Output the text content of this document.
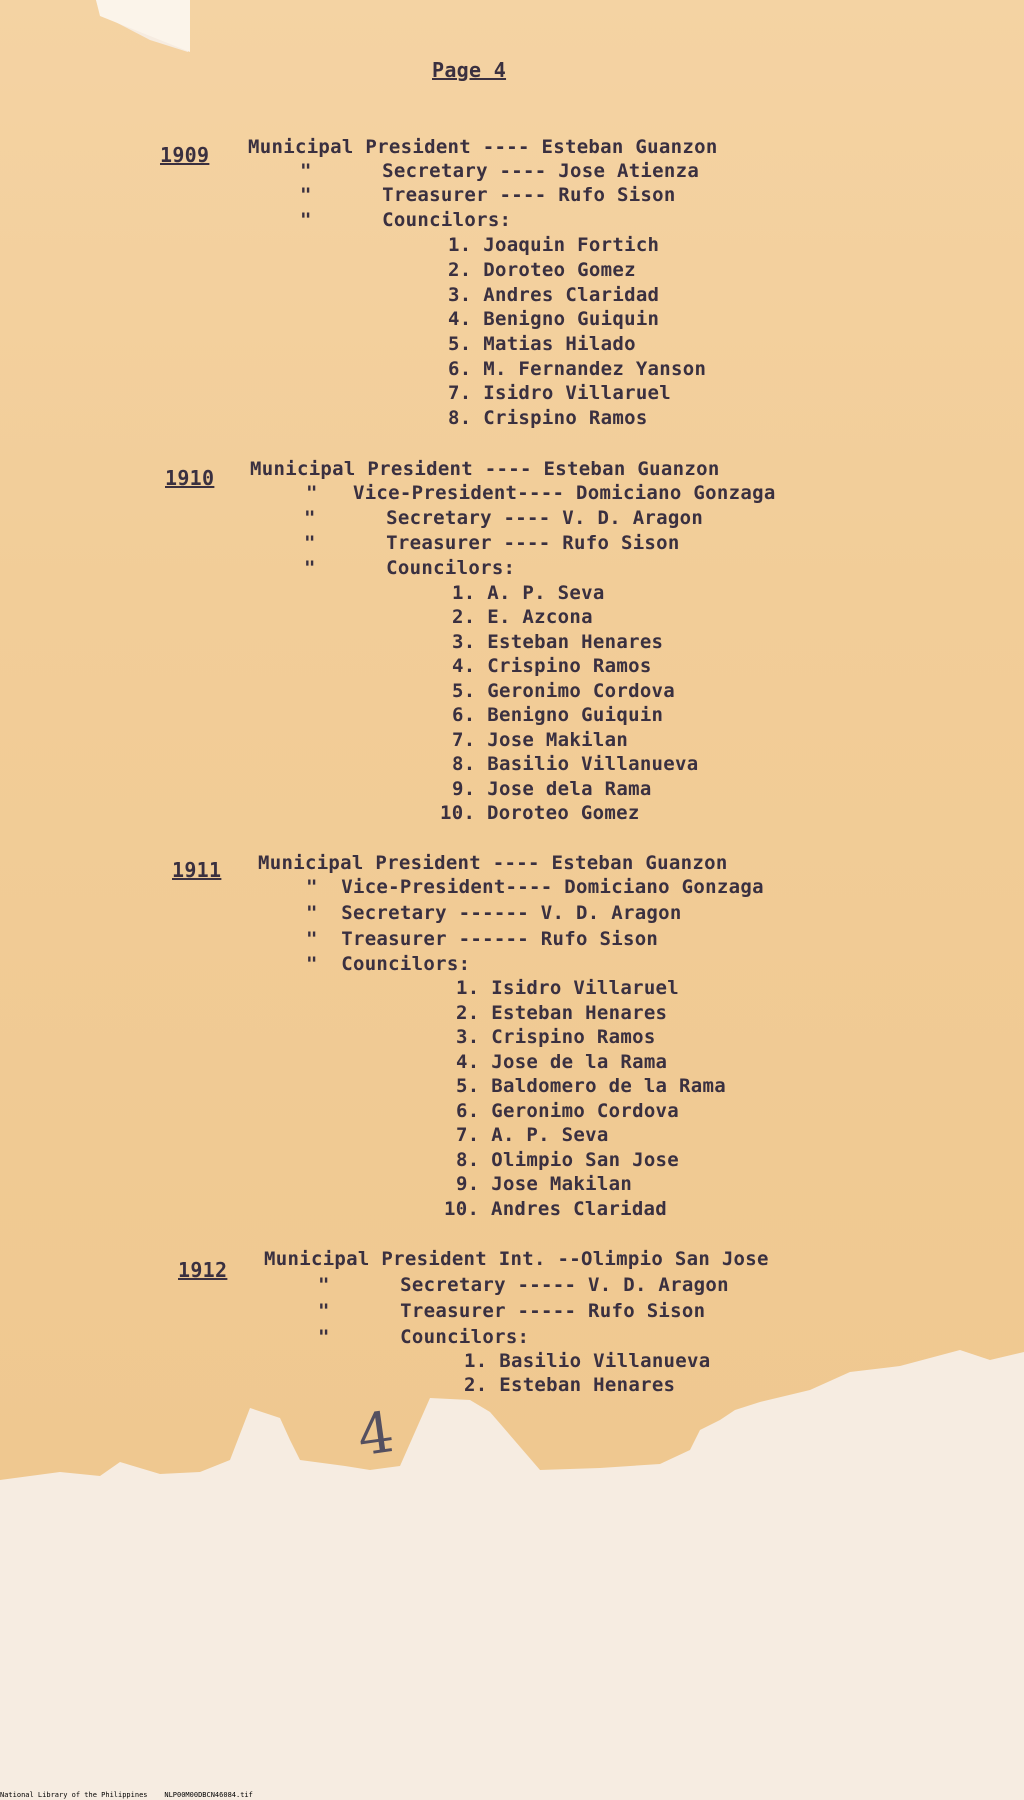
Page 4
1909 Municipal President ---- Esteban Guanzon
"      Secretary ---- Jose Atienza
"      Treasurer ---- Rufo Sison
"      Councilors:
1. Joaquin Fortich
2. Doroteo Gomez
3. Andres Claridad
4. Benigno Guiquin
5. Matias Hilado
6. M. Fernandez Yanson
7. Isidro Villaruel
8. Crispino Ramos
1910 Municipal President ---- Esteban Guanzon
"   Vice-President---- Domiciano Gonzaga
"      Secretary ---- V. D. Aragon
"      Treasurer ---- Rufo Sison
"      Councilors:
1. A. P. Seva
2. E. Azcona
3. Esteban Henares
4. Crispino Ramos
5. Geronimo Cordova
6. Benigno Guiquin
7. Jose Makilan
8. Basilio Villanueva
9. Jose dela Rama
10. Doroteo Gomez
1911 Municipal President ---- Esteban Guanzon
"  Vice-President---- Domiciano Gonzaga
"  Secretary ------ V. D. Aragon
"  Treasurer ------ Rufo Sison
"  Councilors:
1. Isidro Villaruel
2. Esteban Henares
3. Crispino Ramos
4. Jose de la Rama
5. Baldomero de la Rama
6. Geronimo Cordova
7. A. P. Seva
8. Olimpio San Jose
9. Jose Makilan
10. Andres Claridad
1912 Municipal President Int. --Olimpio San Jose
"      Secretary ----- V. D. Aragon
"      Treasurer ----- Rufo Sison
"      Councilors:
1. Basilio Villanueva
2. Esteban Henares
4
National Library of the Philippines    NLP00M00DBCN46084.tif
